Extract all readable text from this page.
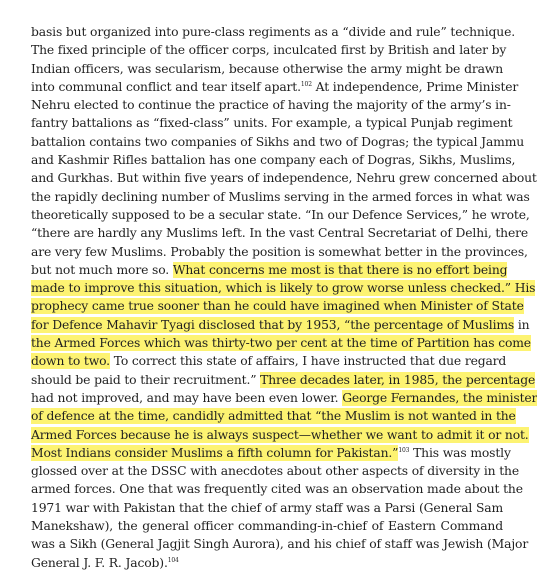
basis but organized into pure-class regiments as a “divide and rule” technique.
The fixed principle of the officer corps, inculcated first by British and later by
Indian officers, was secularism, because otherwise the army might be drawn
into communal conflict and tear itself apart.$^{102}$ At independence, Prime Minister
Nehru elected to continue the practice of having the majority of the army’s in-
fantry battalions as “fixed-class” units. For example, a typical Punjab regiment
battalion contains two companies of Sikhs and two of Dogras; the typical Jammu
and Kashmir Rifles battalion has one company each of Dogras, Sikhs, Muslims,
and Gurkhas. But within five years of independence, Nehru grew concerned about
the rapidly declining number of Muslims serving in the armed forces in what was
theoretically supposed to be a secular state. “In our Defence Services,” he wrote,
“there are hardly any Muslims left. In the vast Central Secretariat of Delhi, there
are very few Muslims. Probably the position is somewhat better in the provinces,
but not much more so. What concerns me most is that there is no effort being
made to improve this situation, which is likely to grow worse unless checked.” His
prophecy came true sooner than he could have imagined when Minister of State
for Defence Mahavir Tyagi disclosed that by 1953, “the percentage of Muslims in
the Armed Forces which was thirty-two per cent at the time of Partition has come
down to two. To correct this state of affairs, I have instructed that due regard
should be paid to their recruitment.” Three decades later, in 1985, the percentage
had not improved, and may have been even lower. George Fernandes, the minister
of defence at the time, candidly admitted that “the Muslim is not wanted in the
Armed Forces because he is always suspect—whether we want to admit it or not.
Most Indians consider Muslims a fifth column for Pakistan.”$^{103}$ This was mostly
glossed over at the DSSC with anecdotes about other aspects of diversity in the
armed forces. One that was frequently cited was an observation made about the
1971 war with Pakistan that the chief of army staff was a Parsi (General Sam
Manekshaw), the general officer commanding-in-chief of Eastern Command
was a Sikh (General Jagjit Singh Aurora), and his chief of staff was Jewish (Major
General J. F. R. Jacob).$^{104}$
